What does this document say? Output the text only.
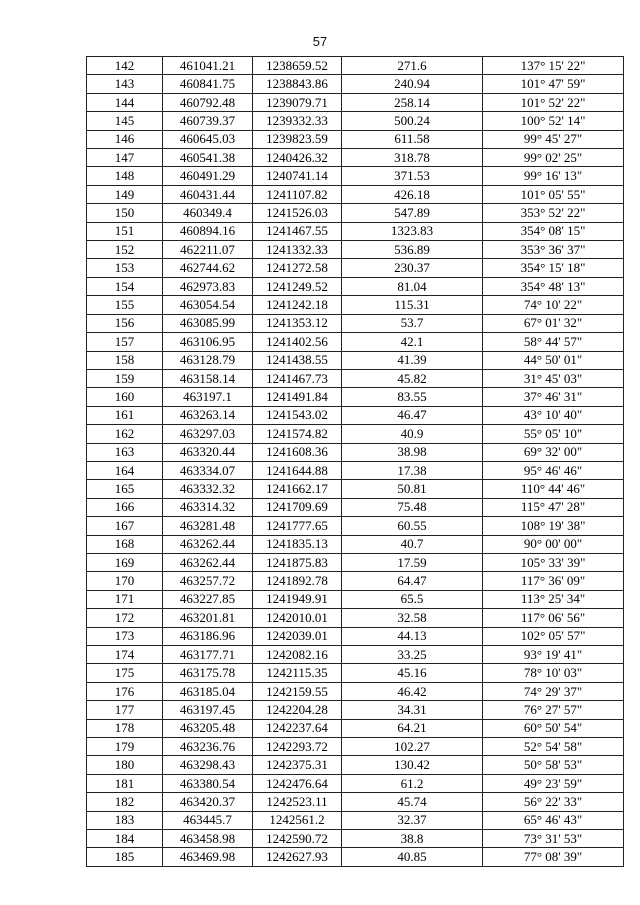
57
142	461041.21	1238659.52	271.6	137° 15' 22"
143	460841.75	1238843.86	240.94	101° 47' 59"
144	460792.48	1239079.71	258.14	101° 52' 22"
145	460739.37	1239332.33	500.24	100° 52' 14"
146	460645.03	1239823.59	611.58	99° 45' 27"
147	460541.38	1240426.32	318.78	99° 02' 25"
148	460491.29	1240741.14	371.53	99° 16' 13"
149	460431.44	1241107.82	426.18	101° 05' 55"
150	460349.4	1241526.03	547.89	353° 52' 22"
151	460894.16	1241467.55	1323.83	354° 08' 15"
152	462211.07	1241332.33	536.89	353° 36' 37"
153	462744.62	1241272.58	230.37	354° 15' 18"
154	462973.83	1241249.52	81.04	354° 48' 13"
155	463054.54	1241242.18	115.31	74° 10' 22"
156	463085.99	1241353.12	53.7	67° 01' 32"
157	463106.95	1241402.56	42.1	58° 44' 57"
158	463128.79	1241438.55	41.39	44° 50' 01"
159	463158.14	1241467.73	45.82	31° 45' 03"
160	463197.1	1241491.84	83.55	37° 46' 31"
161	463263.14	1241543.02	46.47	43° 10' 40"
162	463297.03	1241574.82	40.9	55° 05' 10"
163	463320.44	1241608.36	38.98	69° 32' 00"
164	463334.07	1241644.88	17.38	95° 46' 46"
165	463332.32	1241662.17	50.81	110° 44' 46"
166	463314.32	1241709.69	75.48	115° 47' 28"
167	463281.48	1241777.65	60.55	108° 19' 38"
168	463262.44	1241835.13	40.7	90° 00' 00"
169	463262.44	1241875.83	17.59	105° 33' 39"
170	463257.72	1241892.78	64.47	117° 36' 09"
171	463227.85	1241949.91	65.5	113° 25' 34"
172	463201.81	1242010.01	32.58	117° 06' 56"
173	463186.96	1242039.01	44.13	102° 05' 57"
174	463177.71	1242082.16	33.25	93° 19' 41"
175	463175.78	1242115.35	45.16	78° 10' 03"
176	463185.04	1242159.55	46.42	74° 29' 37"
177	463197.45	1242204.28	34.31	76° 27' 57"
178	463205.48	1242237.64	64.21	60° 50' 54"
179	463236.76	1242293.72	102.27	52° 54' 58"
180	463298.43	1242375.31	130.42	50° 58' 53"
181	463380.54	1242476.64	61.2	49° 23' 59"
182	463420.37	1242523.11	45.74	56° 22' 33"
183	463445.7	1242561.2	32.37	65° 46' 43"
184	463458.98	1242590.72	38.8	73° 31' 53"
185	463469.98	1242627.93	40.85	77° 08' 39"
